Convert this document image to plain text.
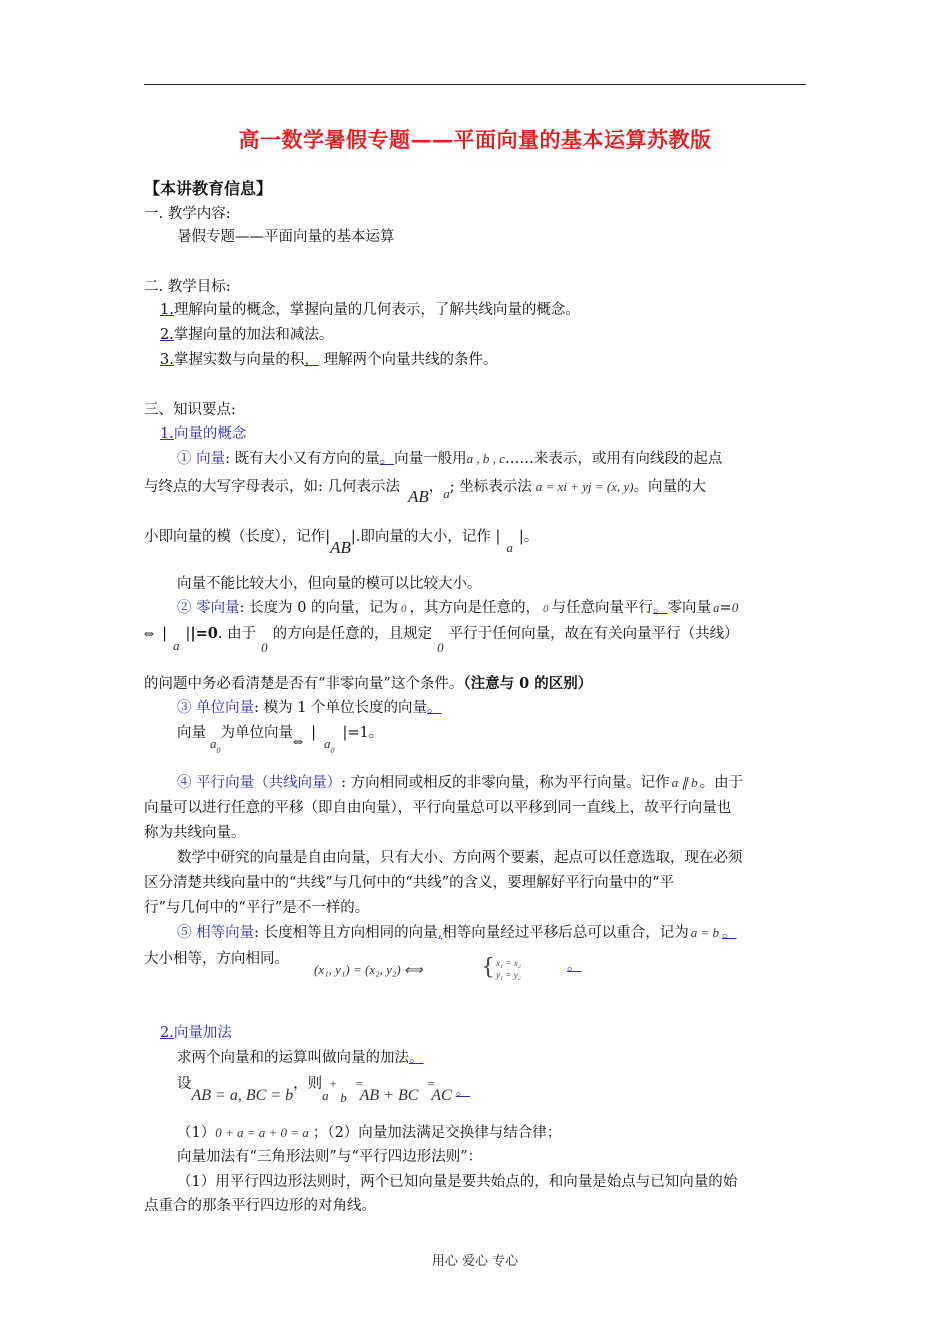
高一数学暑假专题——平面向量的基本运算苏教版
【本讲教育信息】
一. 教学内容:
暑假专题——平面向量的基本运算
二. 教学目标:
1.理解向量的概念，掌握向量的几何表示，了解共线向量的概念。
2.掌握向量的加法和减法。
3.掌握实数与向量的积， 理解两个向量共线的条件。
三、知识要点:
1.向量的概念
① 向量: 既有大小又有方向的量。向量一般用a , b , c……来表示，或用有向线段的起点
与终点的大写字母表示，如: 几何表示法 AB，a; 坐标表示法 a = xi + yj = (x, y)。向量的大
小即向量的模（长度），记作|AB|.即向量的大小，记作 |a|。
向量不能比较大小，但向量的模可以比较大小。
② 零向量: 长度为 0 的向量，记为 0 ，其方向是任意的， 0 与任意向量平行。零向量 a=0
⇔ |a||=0. 由于0的方向是任意的，且规定0平行于任何向量，故在有关向量平行（共线）
的问题中务必看清楚是否有“非零向量”这个条件。（注意与 0 的区别）
③ 单位向量: 模为 1 个单位长度的向量。
向量$a_0$为单位向量$_\Leftrightarrow|a_0|=1$。
④ 平行向量（共线向量）: 方向相同或相反的非零向量，称为平行向量。记作 a ∥ b 。由于
向量可以进行任意的平移（即自由向量），平行向量总可以平移到同一直线上，故平行向量也
称为共线向量。
数学中研究的向量是自由向量，只有大小、方向两个要素，起点可以任意选取，现在必须
区分清楚共线向量中的“共线”与几何中的“共线”的含义，要理解好平行向量中的“平
行”与几何中的“平行”是不一样的。
⑤ 相等向量: 长度相等且方向相同的向量,相等向量经过平移后总可以重合，记为 a = b 。
大小相等，方向相同。
(x₁, y₁) = (x₂, y₂) ⟺	{ x₁ = x₂
y₁ = y₂
。
2.向量加法
求两个向量和的运算叫做向量的加法。
设AB = a, BC = b，则a+b=AB + BC=AC 。
（1）0 + a = a + 0 = a ；（2）向量加法满足交换律与结合律；
向量加法有“三角形法则”与“平行四边形法则”：
（1）用平行四边形法则时，两个已知向量是要共始点的，和向量是始点与已知向量的始
点重合的那条平行四边形的对角线。
用心 爱心 专心
